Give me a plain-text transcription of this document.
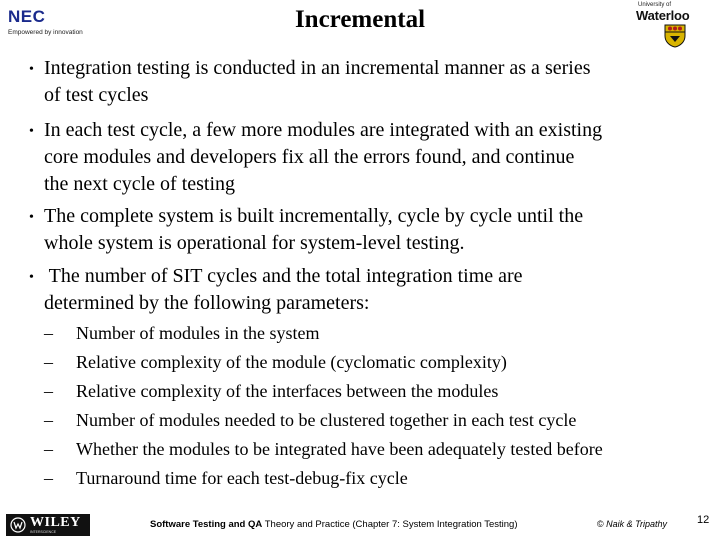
NEC
Empowered by innovation	Incremental
University of
Waterloo
• Integration testing is conducted in an incremental manner as a series
of test cycles
• In each test cycle, a few more modules are integrated with an existing
core modules and developers fix all the errors found, and continue
the next cycle of testing
• The complete system is built incrementally, cycle by cycle until the
whole system is operational for system-level testing.
• The number of SIT cycles and the total integration time are
determined by the following parameters:
– Number of modules in the system
– Relative complexity of the module (cyclomatic complexity)
– Relative complexity of the interfaces between the modules
– Number of modules needed to be clustered together in each test cycle
– Whether the modules to be integrated have been adequately tested before
– Turnaround time for each test-debug-fix cycle
WILEY
INTERSCIENCE
Software Testing and QA Theory and Practice (Chapter 7: System Integration Testing)	© Naik & Tripathy	12
